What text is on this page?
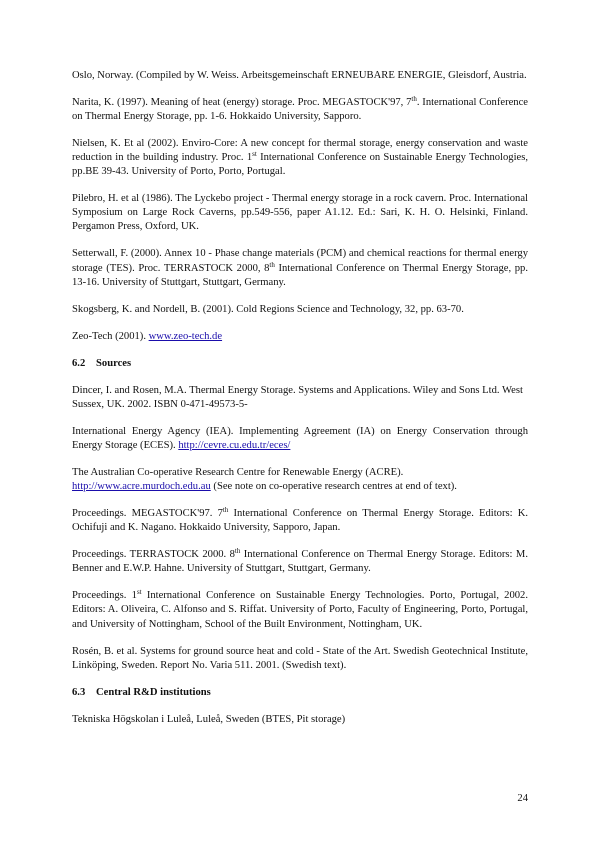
Oslo, Norway. (Compiled by W. Weiss. Arbeitsgemeinschaft ERNEUBARE ENERGIE, Gleisdorf, Austria.

Narita, K. (1997). Meaning of heat (energy) storage. Proc. MEGASTOCK'97, 7th. International Conference on Thermal Energy Storage, pp. 1-6. Hokkaido University, Sapporo.

Nielsen, K. Et al (2002). Enviro-Core: A new concept for thermal storage, energy conservation and waste reduction in the building industry. Proc. 1st International Conference on Sustainable Energy Technologies, pp.BE 39-43. University of Porto, Porto, Portugal.

Pilebro, H. et al (1986). The Lyckebo project - Thermal energy storage in a rock cavern. Proc. International Symposium on Large Rock Caverns, pp.549-556, paper A1.12. Ed.: Sari, K. H. O. Helsinki, Finland. Pergamon Press, Oxford, UK.

Setterwall, F. (2000). Annex 10 - Phase change materials (PCM) and chemical reactions for thermal energy storage (TES). Proc. TERRASTOCK 2000, 8th International Conference on Thermal Energy Storage, pp. 13-16. University of Stuttgart, Stuttgart, Germany.

Skogsberg, K. and Nordell, B. (2001). Cold Regions Science and Technology, 32, pp. 63-70.

Zeo-Tech (2001). www.zeo-tech.de

6.2 Sources

Dincer, I. and Rosen, M.A. Thermal Energy Storage. Systems and Applications. Wiley and Sons Ltd. West Sussex, UK. 2002. ISBN 0-471-49573-5-

International Energy Agency (IEA). Implementing Agreement (IA) on Energy Conservation through Energy Storage (ECES). http://cevre.cu.edu.tr/eces/

The Australian Co-operative Research Centre for Renewable Energy (ACRE).
http://www.acre.murdoch.edu.au (See note on co-operative research centres at end of text).

Proceedings. MEGASTOCK'97. 7th International Conference on Thermal Energy Storage. Editors: K. Ochifuji and K. Nagano. Hokkaido University, Sapporo, Japan.

Proceedings. TERRASTOCK 2000. 8th International Conference on Thermal Energy Storage. Editors: M. Benner and E.W.P. Hahne. University of Stuttgart, Stuttgart, Germany.

Proceedings. 1st International Conference on Sustainable Energy Technologies. Porto, Portugal, 2002. Editors: A. Oliveira, C. Alfonso and S. Riffat. University of Porto, Faculty of Engineering, Porto, Portugal, and University of Nottingham, School of the Built Environment, Nottingham, UK.

Rosén, B. et al. Systems for ground source heat and cold - State of the Art. Swedish Geotechnical Institute, Linköping, Sweden. Report No. Varia 511. 2001. (Swedish text).

6.3 Central R&D institutions

Tekniska Högskolan i Luleå, Luleå, Sweden (BTES, Pit storage)

24
